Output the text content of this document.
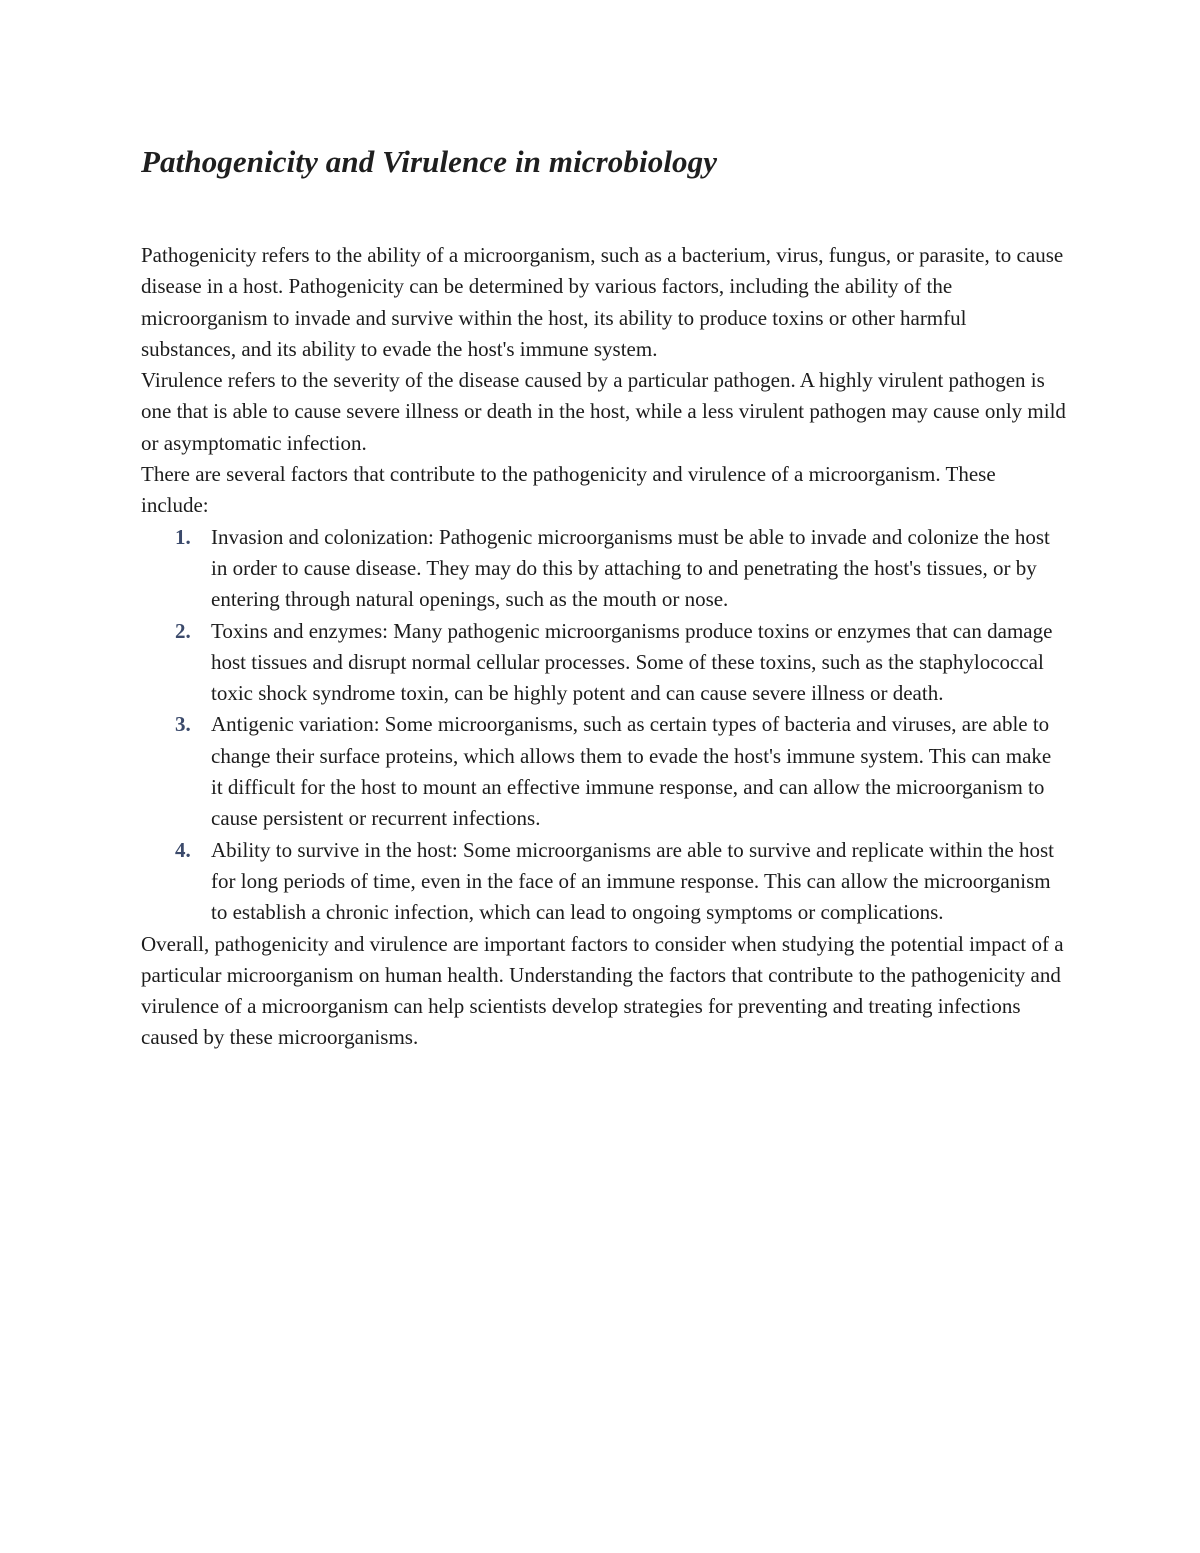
Pathogenicity and Virulence in microbiology

Pathogenicity refers to the ability of a microorganism, such as a bacterium, virus, fungus, or parasite, to cause disease in a host. Pathogenicity can be determined by various factors, including the ability of the microorganism to invade and survive within the host, its ability to produce toxins or other harmful substances, and its ability to evade the host's immune system.

Virulence refers to the severity of the disease caused by a particular pathogen. A highly virulent pathogen is one that is able to cause severe illness or death in the host, while a less virulent pathogen may cause only mild or asymptomatic infection.

There are several factors that contribute to the pathogenicity and virulence of a microorganism. These include:

1. Invasion and colonization: Pathogenic microorganisms must be able to invade and colonize the host in order to cause disease. They may do this by attaching to and penetrating the host's tissues, or by entering through natural openings, such as the mouth or nose.
2. Toxins and enzymes: Many pathogenic microorganisms produce toxins or enzymes that can damage host tissues and disrupt normal cellular processes. Some of these toxins, such as the staphylococcal toxic shock syndrome toxin, can be highly potent and can cause severe illness or death.
3. Antigenic variation: Some microorganisms, such as certain types of bacteria and viruses, are able to change their surface proteins, which allows them to evade the host's immune system. This can make it difficult for the host to mount an effective immune response, and can allow the microorganism to cause persistent or recurrent infections.
4. Ability to survive in the host: Some microorganisms are able to survive and replicate within the host for long periods of time, even in the face of an immune response. This can allow the microorganism to establish a chronic infection, which can lead to ongoing symptoms or complications.

Overall, pathogenicity and virulence are important factors to consider when studying the potential impact of a particular microorganism on human health. Understanding the factors that contribute to the pathogenicity and virulence of a microorganism can help scientists develop strategies for preventing and treating infections caused by these microorganisms.
